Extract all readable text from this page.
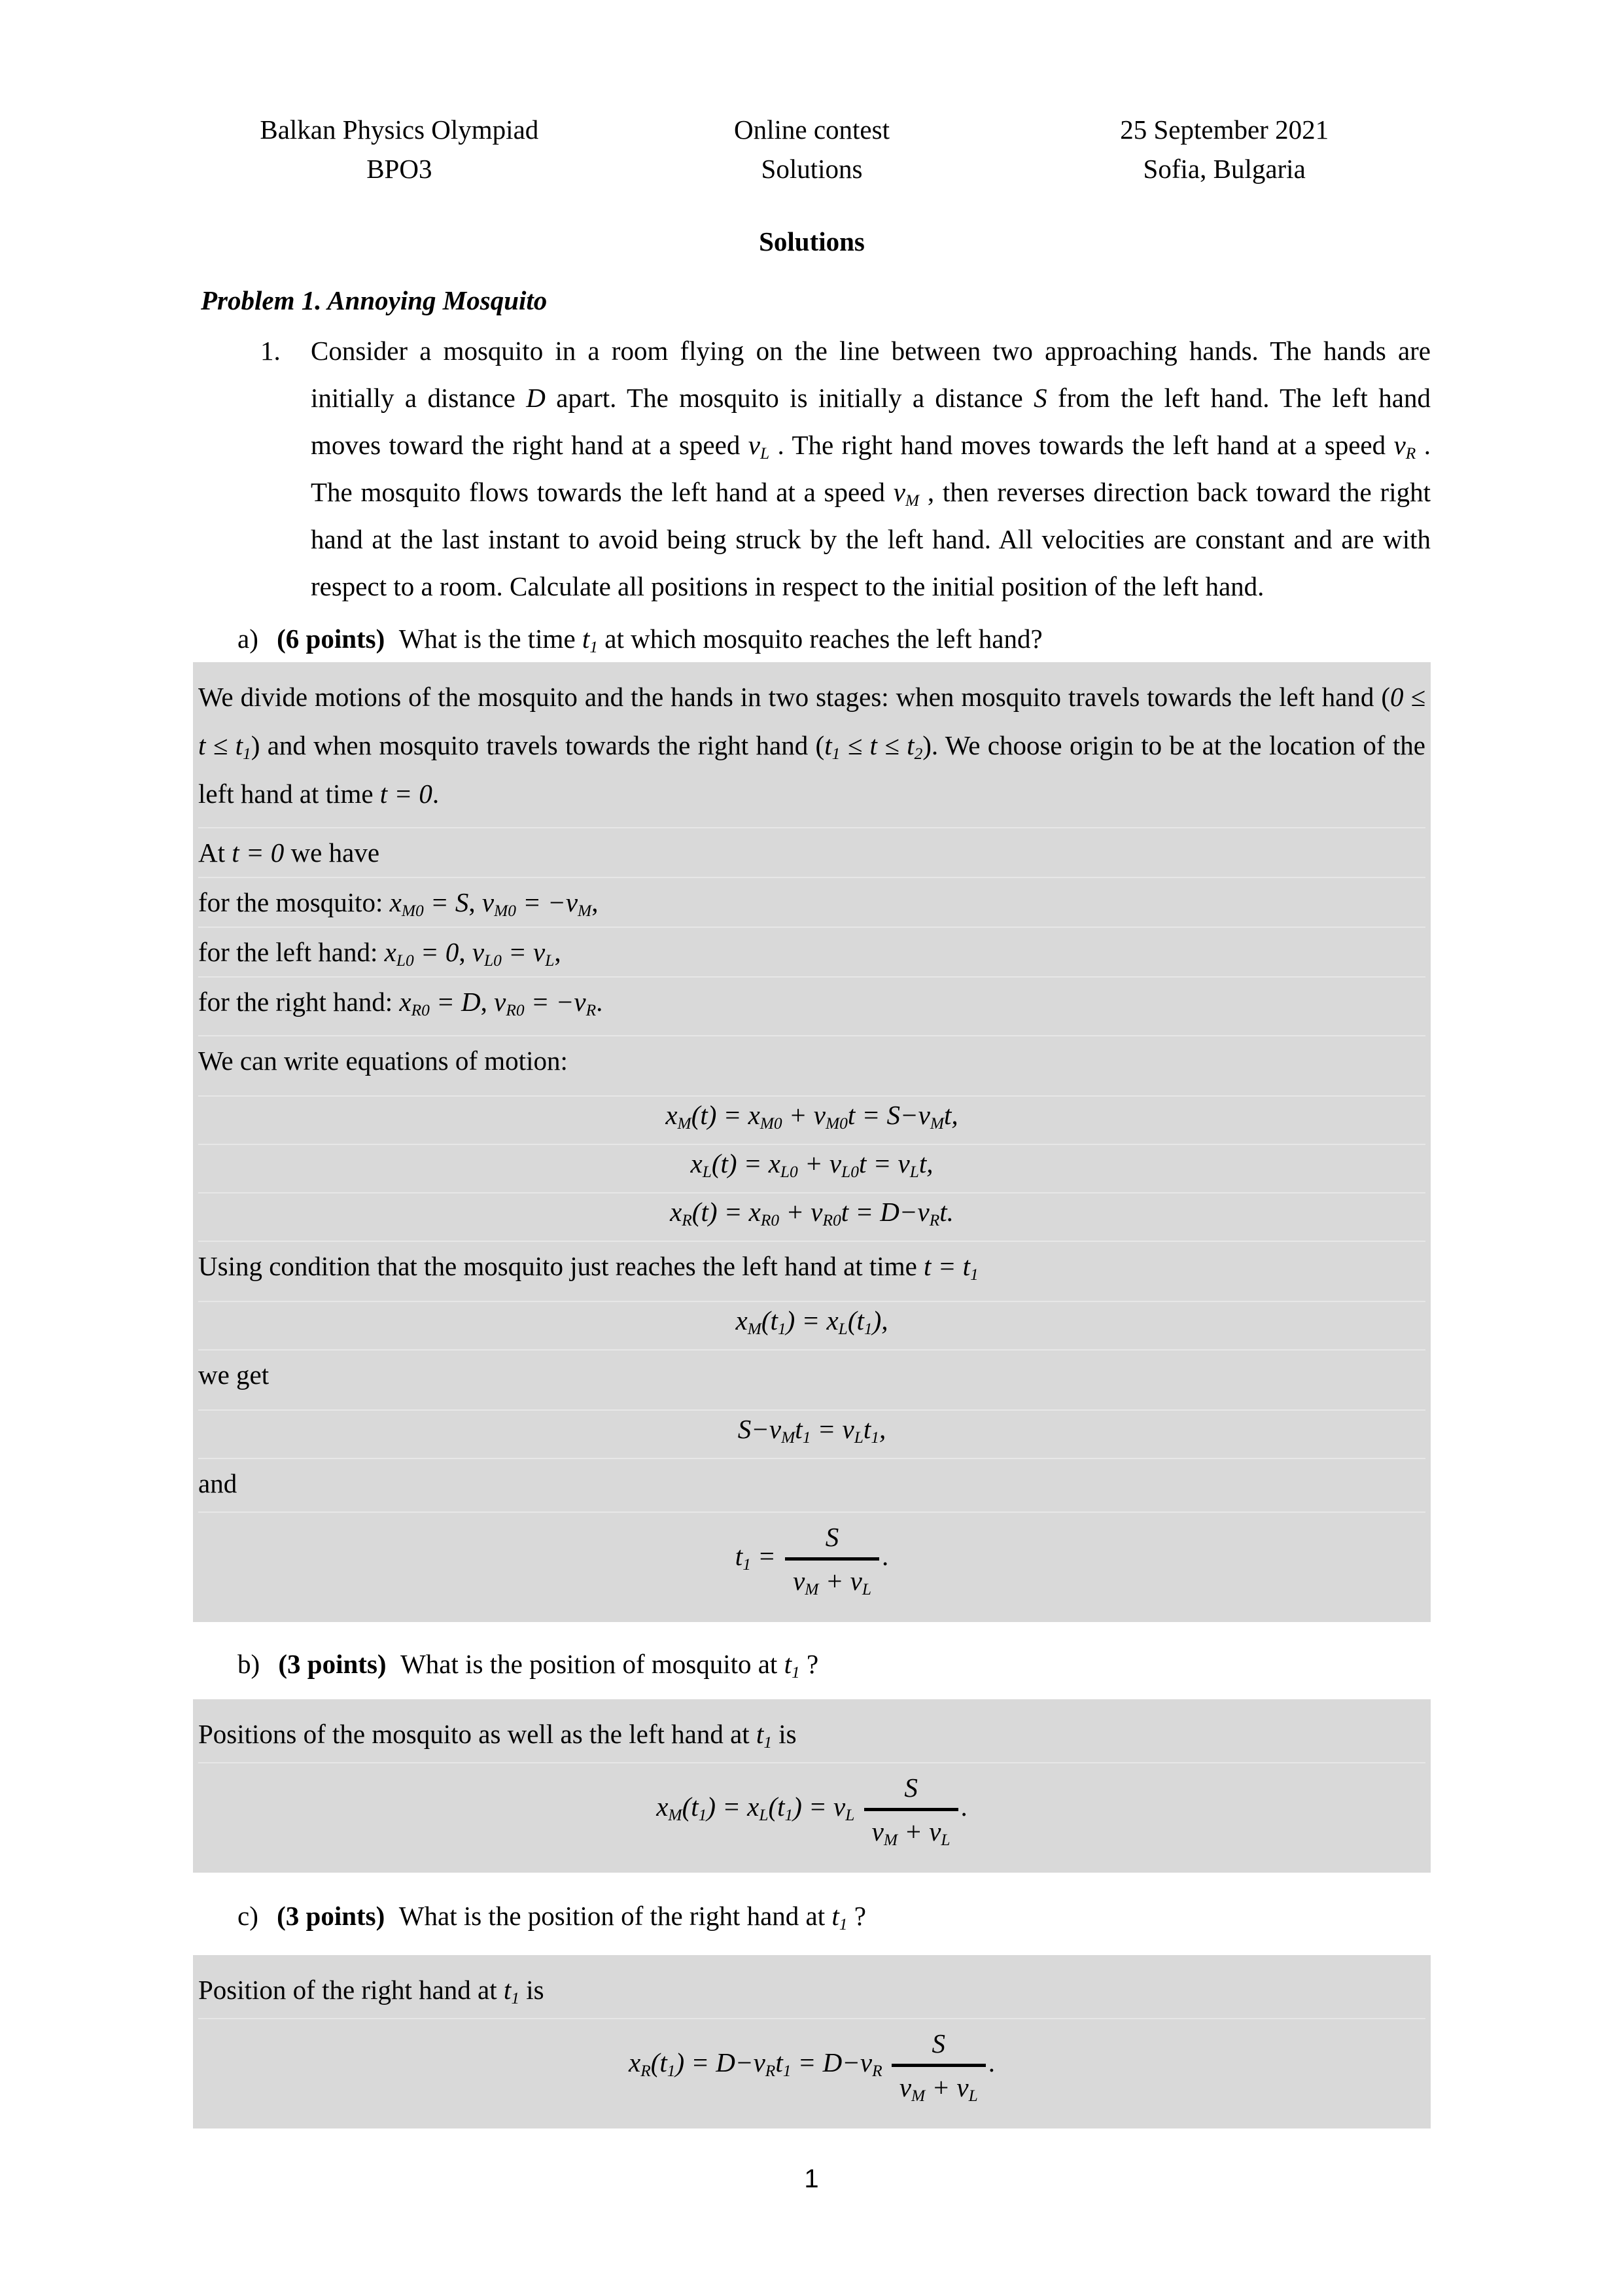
Balkan Physics Olympiad
BPO3
Online contest
Solutions
25 September 2021
Sofia, Bulgaria
Solutions
Problem 1. Annoying Mosquito
1.	Consider a mosquito in a room flying on the line between two approaching hands. The hands are initially a distance D apart. The mosquito is initially a distance S from the left hand. The left hand moves toward the right hand at a speed $v_L$ . The right hand moves towards the left hand at a speed $v_R$ . The mosquito flows towards the left hand at a speed $v_M$ , then reverses direction back toward the right hand at the last instant to avoid being struck by the left hand. All velocities are constant and are with respect to a room. Calculate all positions in respect to the initial position of the left hand.
a) (6 points) What is the time $t_1$ at which mosquito reaches the left hand?
We divide motions of the mosquito and the hands in two stages: when mosquito travels towards the left hand $(0 \le t \le t_1)$ and when mosquito travels towards the right hand $(t_1 \le t \le t_2)$. We choose origin to be at the location of the left hand at time t = 0.
At t = 0 we have
for the mosquito: $x_{M0} = S$, $v_{M0} = -v_M$,
for the left hand: $x_{L0} = 0$, $v_{L0} = v_L$,
for the right hand: $x_{R0} = D$, $v_{R0} = -v_R$.
We can write equations of motion:
$x_M(t) = x_{M0} + v_{M0}t = S-v_Mt$,
$x_L(t) = x_{L0} + v_{L0}t = v_Lt$,
$x_R(t) = x_{R0} + v_{R0}t = D-v_Rt$.
Using condition that the mosquito just reaches the left hand at time $t = t_1$
$x_M(t_1) = x_L(t_1)$,
we get
$S-v_Mt_1 = v_Lt_1$,
and
$t_1 = \frac{S}{v_M + v_L}$ .
b) (3 points) What is the position of mosquito at $t_1$ ?
Positions of the mosquito as well as the left hand at $t_1$ is
$x_M(t_1) = x_L(t_1) = v_L \frac{S}{v_M + v_L}$ .
c) (3 points) What is the position of the right hand at $t_1$ ?
Position of the right hand at $t_1$ is
$x_R(t_1) = D-v_Rt_1 = D-v_R \frac{S}{v_M + v_L}$ .
1
